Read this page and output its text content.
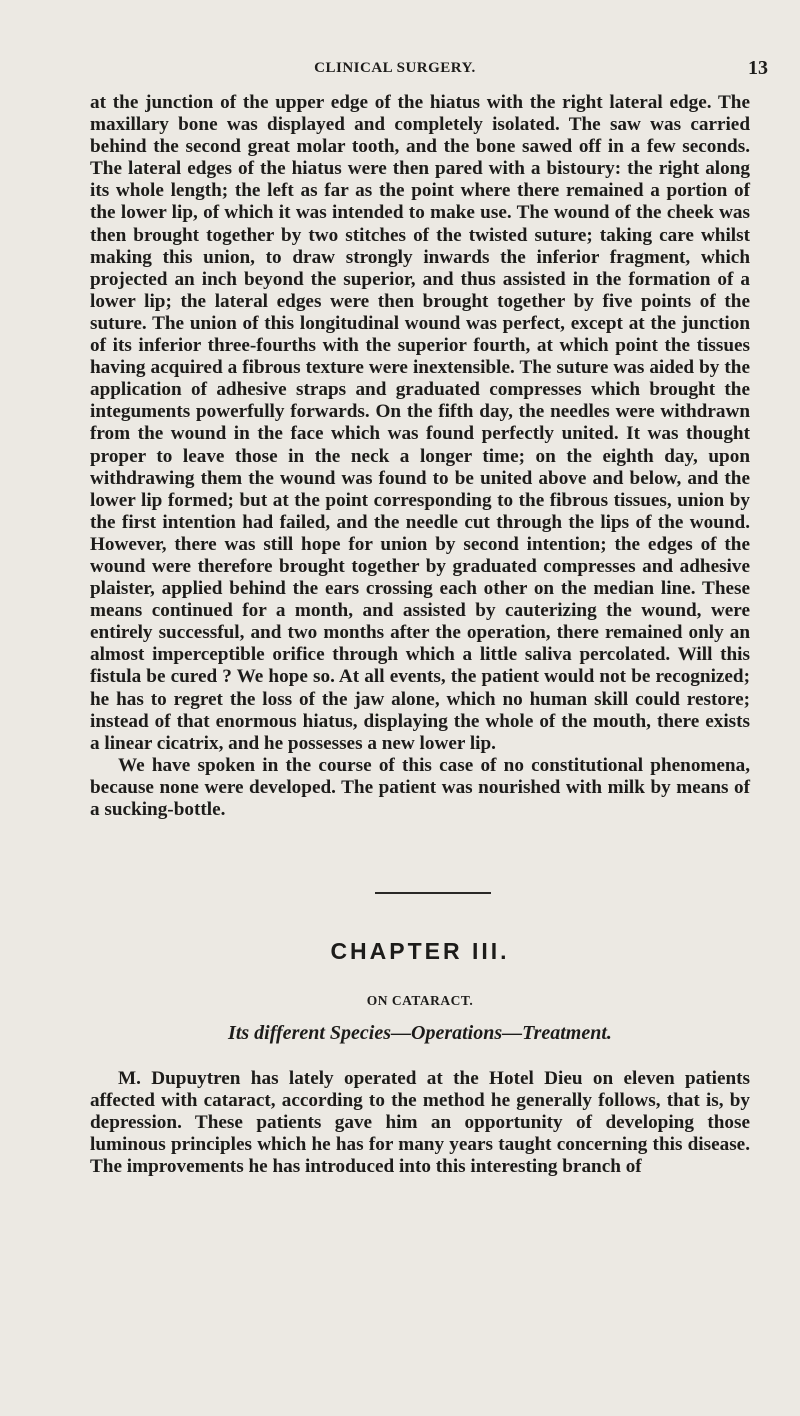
CLINICAL SURGERY.	13

at the junction of the upper edge of the hiatus with the right lateral edge. The maxillary bone was displayed and completely isolated. The saw was carried behind the second great molar tooth, and the bone sawed off in a few seconds. The lateral edges of the hiatus were then pared with a bistoury: the right along its whole length; the left as far as the point where there remained a portion of the lower lip, of which it was intended to make use. The wound of the cheek was then brought together by two stitches of the twisted suture; taking care whilst making this union, to draw strongly inwards the inferior fragment, which projected an inch beyond the superior, and thus assisted in the formation of a lower lip; the lateral edges were then brought together by five points of the suture. The union of this longitudinal wound was perfect, except at the junction of its inferior three-fourths with the superior fourth, at which point the tissues having acquired a fibrous texture were inextensible. The suture was aided by the application of adhesive straps and graduated compresses which brought the integuments powerfully forwards. On the fifth day, the needles were withdrawn from the wound in the face which was found perfectly united. It was thought proper to leave those in the neck a longer time; on the eighth day, upon withdrawing them the wound was found to be united above and below, and the lower lip formed; but at the point corresponding to the fibrous tissues, union by the first intention had failed, and the needle cut through the lips of the wound. However, there was still hope for union by second intention; the edges of the wound were therefore brought together by graduated compresses and adhesive plaister, applied behind the ears crossing each other on the median line. These means continued for a month, and assisted by cauterizing the wound, were entirely successful, and two months after the operation, there remained only an almost imperceptible orifice through which a little saliva percolated. Will this fistula be cured ? We hope so. At all events, the patient would not be recognized; he has to regret the loss of the jaw alone, which no human skill could restore; instead of that enormous hiatus, displaying the whole of the mouth, there exists a linear cicatrix, and he possesses a new lower lip.

We have spoken in the course of this case of no constitutional phenomena, because none were developed. The patient was nourished with milk by means of a sucking-bottle.

CHAPTER III.
ON CATARACT.
Its different Species—Operations—Treatment.

M. Dupuytren has lately operated at the Hotel Dieu on eleven patients affected with cataract, according to the method he generally follows, that is, by depression. These patients gave him an opportunity of developing those luminous principles which he has for many years taught concerning this disease. The improvements he has introduced into this interesting branch of
